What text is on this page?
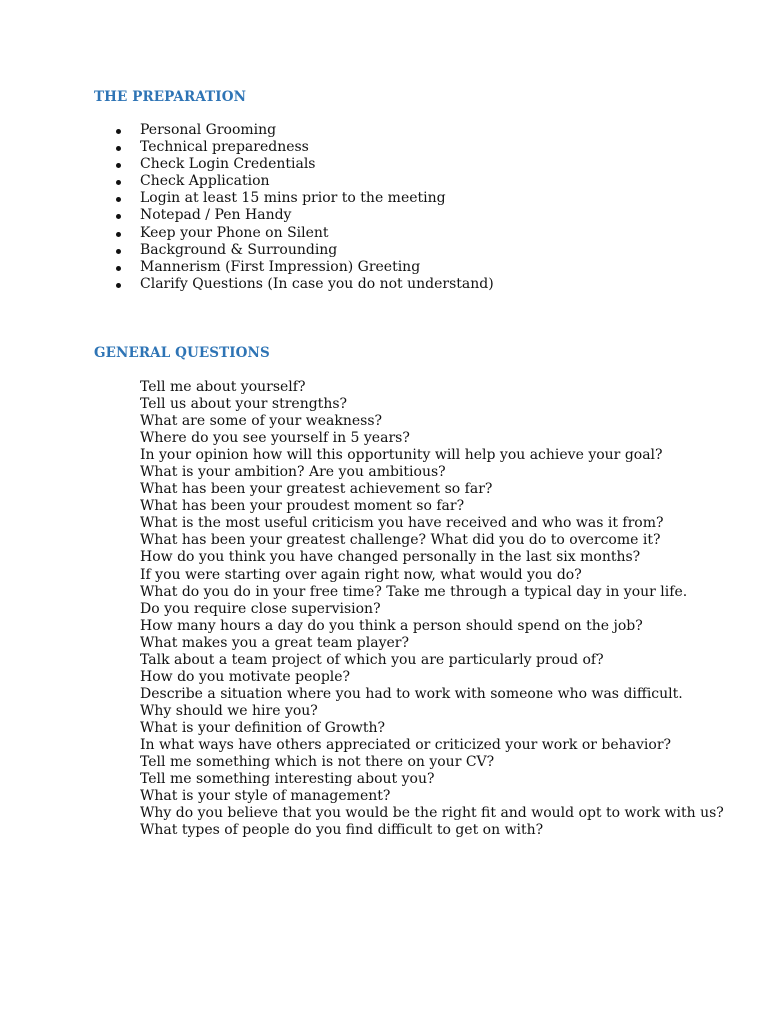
THE PREPARATION
Personal Grooming
Technical preparedness
Check Login Credentials
Check Application
Login at least 15 mins prior to the meeting
Notepad / Pen Handy
Keep your Phone on Silent
Background & Surrounding
Mannerism (First Impression) Greeting
Clarify Questions (In case you do not understand)
GENERAL QUESTIONS
Tell me about yourself?
Tell us about your strengths?
What are some of your weakness?
Where do you see yourself in 5 years?
In your opinion how will this opportunity will help you achieve your goal?
What is your ambition? Are you ambitious?
What has been your greatest achievement so far?
What has been your proudest moment so far?
What is the most useful criticism you have received and who was it from?
What has been your greatest challenge? What did you do to overcome it?
How do you think you have changed personally in the last six months?
If you were starting over again right now, what would you do?
What do you do in your free time? Take me through a typical day in your life.
Do you require close supervision?
How many hours a day do you think a person should spend on the job?
What makes you a great team player?
Talk about a team project of which you are particularly proud of?
How do you motivate people?
Describe a situation where you had to work with someone who was difficult.
Why should we hire you?
What is your definition of Growth?
In what ways have others appreciated or criticized your work or behavior?
Tell me something which is not there on your CV?
Tell me something interesting about you?
What is your style of management?
Why do you believe that you would be the right fit and would opt to work with us?
What types of people do you find difficult to get on with?
